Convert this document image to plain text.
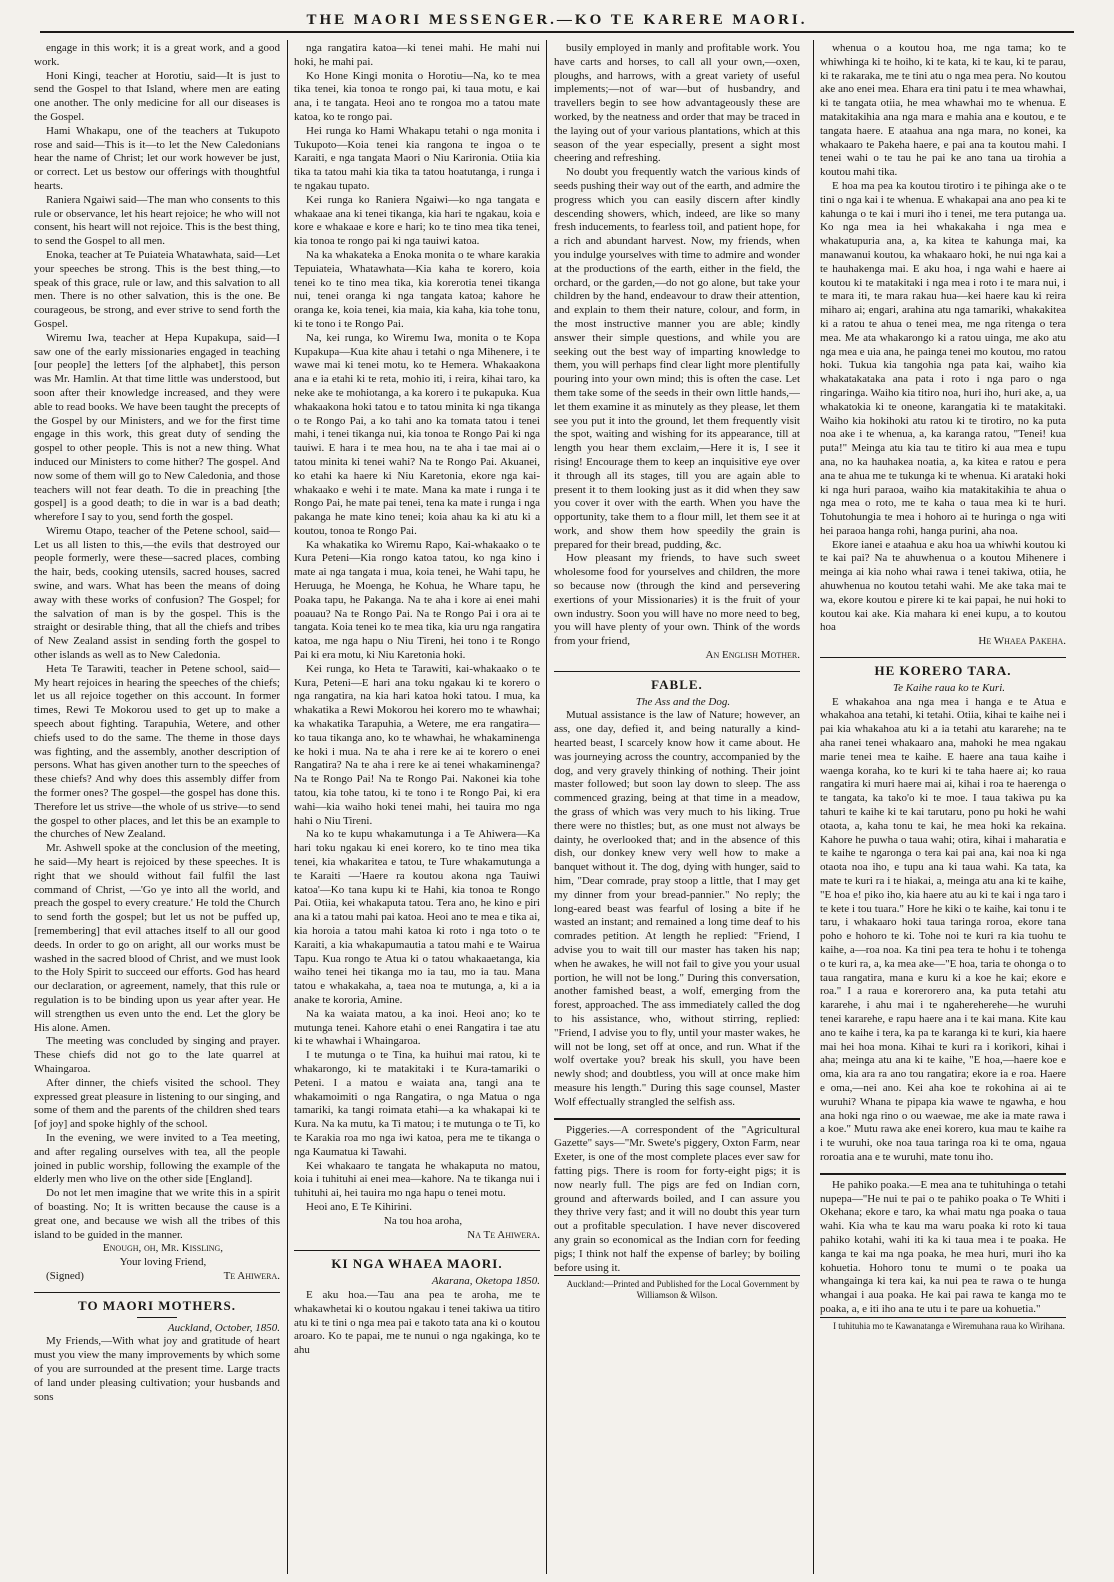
THE MAORI MESSENGER.—KO TE KARERE MAORI.

engage in this work; it is a great work, and a good work.

Honi Kingi, teacher at Horotiu, said—It is just to send the Gospel to that Island, where men are eating one another. The only medicine for all our diseases is the Gospel.

Hami Whakapu, one of the teachers at Tukupoto rose and said—This is it—to let the New Caledonians hear the name of Christ; let our work however be just, or correct. Let us bestow our offerings with thoughtful hearts.

Raniera Ngaiwi said—The man who consents to this rule or observance, let his heart rejoice; he who will not consent, his heart will not rejoice. This is the best thing, to send the Gospel to all men.

Enoka, teacher at Te Puiateia Whatawhata, said—Let your speeches be strong. This is the best thing,—to speak of this grace, rule or law, and this salvation to all men. There is no other salvation, this is the one. Be courageous, be strong, and ever strive to send forth the Gospel.

Wiremu Iwa, teacher at Hepa Kupakupa, said—I saw one of the early missionaries engaged in teaching [our people] the letters [of the alphabet], this person was Mr. Hamlin. At that time little was understood, but soon after their knowledge increased, and they were able to read books. We have been taught the precepts of the Gospel by our Ministers, and we for the first time engage in this work, this great duty of sending the gospel to other people. This is not a new thing. What induced our Ministers to come hither? The gospel. And now some of them will go to New Caledonia, and those teachers will not fear death. To die in preaching [the gospel] is a good death; to die in war is a bad death; wherefore I say to you, send forth the gospel.

Wiremu Otapo, teacher of the Petene school, said—Let us all listen to this,—the evils that destroyed our people formerly, were these—sacred places, combing the hair, beds, cooking utensils, sacred houses, sacred swine, and wars. What has been the means of doing away with these works of confusion? The Gospel; for the salvation of man is by the gospel. This is the straight or desirable thing, that all the chiefs and tribes of New Zealand assist in sending forth the gospel to other islands as well as to New Caledonia.

Heta Te Tarawiti, teacher in Petene school, said—My heart rejoices in hearing the speeches of the chiefs; let us all rejoice together on this account. In former times, Rewi Te Mokorou used to get up to make a speech about fighting. Tarapuhia, Wetere, and other chiefs used to do the same. The theme in those days was fighting, and the assembly, another description of persons. What has given another turn to the speeches of these chiefs? And why does this assembly differ from the former ones? The gospel—the gospel has done this. Therefore let us strive—the whole of us strive—to send the gospel to other places, and let this be an example to the churches of New Zealand.

Mr. Ashwell spoke at the conclusion of the meeting, he said—My heart is rejoiced by these speeches. It is right that we should without fail fulfil the last command of Christ, —'Go ye into all the world, and preach the gospel to every creature.' He told the Church to send forth the gospel; but let us not be puffed up, [remembering] that evil attaches itself to all our good deeds. In order to go on aright, all our works must be washed in the sacred blood of Christ, and we must look to the Holy Spirit to succeed our efforts. God has heard our declaration, or agreement, namely, that this rule or regulation is to be binding upon us year after year. He will strengthen us even unto the end. Let the glory be His alone. Amen.

The meeting was concluded by singing and prayer. These chiefs did not go to the late quarrel at Whaingaroa.

After dinner, the chiefs visited the school. They expressed great pleasure in listening to our singing, and some of them and the parents of the children shed tears [of joy] and spoke highly of the school.

In the evening, we were invited to a Tea meeting, and after regaling ourselves with tea, all the people joined in public worship, following the example of the elderly men who live on the other side [England].

Do not let men imagine that we write this in a spirit of boasting. No; It is written because the cause is a great one, and because we wish all the tribes of this island to be guided in the manner.

Enough, oh, Mr. Kissling,

Your loving Friend,

(Signed)	Te Ahiwera.

TO MAORI MOTHERS.

Auckland, October, 1850.

My Friends,—With what joy and gratitude of heart must you view the many improvements by which some of you are surrounded at the present time. Large tracts of land under pleasing cultivation; your husbands and sons

nga rangatira katoa—ki tenei mahi. He mahi nui hoki, he mahi pai.

Ko Hone Kingi monita o Horotiu—Na, ko te mea tika tenei, kia tonoa te rongo pai, ki taua motu, e kai ana, i te tangata. Heoi ano te rongoa mo a tatou mate katoa, ko te rongo pai.

Hei runga ko Hami Whakapu tetahi o nga monita i Tukupoto—Koia tenei kia rangona te ingoa o te Karaiti, e nga tangata Maori o Niu Karironia. Otiia kia tika ta tatou mahi kia tika ta tatou hoatutanga, i runga i te ngakau tupato.

Kei runga ko Raniera Ngaiwi—ko nga tangata e whakaae ana ki tenei tikanga, kia hari te ngakau, koia e kore e whakaae e kore e hari; ko te tino mea tika tenei, kia tonoa te rongo pai ki nga tauiwi katoa.

Na ka whakateka a Enoka monita o te whare karakia Tepuiateia, Whatawhata—Kia kaha te korero, koia tenei ko te tino mea tika, kia korerotia tenei tikanga nui, tenei oranga ki nga tangata katoa; kahore he oranga ke, koia tenei, kia maia, kia kaha, kia tohe tonu, ki te tono i te Rongo Pai.

Na, kei runga, ko Wiremu Iwa, monita o te Kopa Kupakupa—Kua kite ahau i tetahi o nga Mihenere, i te wawe mai ki tenei motu, ko te Hemera. Whakaakona ana e ia etahi ki te reta, mohio iti, i reira, kihai taro, ka neke ake te mohiotanga, a ka korero i te pukapuka. Kua whakaakona hoki tatou e to tatou minita ki nga tikanga o te Rongo Pai, a ko tahi ano ka tomata tatou i tenei mahi, i tenei tikanga nui, kia tonoa te Rongo Pai ki nga tauiwi. E hara i te mea hou, na te aha i tae mai ai o tatou minita ki tenei wahi? Na te Rongo Pai. Akuanei, ko etahi ka haere ki Niu Karetonia, ekore nga kai-whakaako e wehi i te mate. Mana ka mate i runga i te Rongo Pai, he mate pai tenei, tena ka mate i runga i nga pakanga he mate kino tenei; koia ahau ka ki atu ki a koutou, tonoa te Rongo Pai.

Ka whakatika ko Wiremu Rapo, Kai-whakaako o te Kura Peteni—Kia rongo katoa tatou, ko nga kino i mate ai nga tangata i mua, koia tenei, he Wahi tapu, he Heruuga, he Moenga, he Kohua, he Whare tapu, he Poaka tapu, he Pakanga. Na te aha i kore ai enei mahi poauau? Na te Rongo Pai. Na te Rongo Pai i ora ai te tangata. Koia tenei ko te mea tika, kia uru nga rangatira katoa, me nga hapu o Niu Tireni, hei tono i te Rongo Pai ki era motu, ki Niu Karetonia hoki.

Kei runga, ko Heta te Tarawiti, kai-whakaako o te Kura, Peteni—E hari ana toku ngakau ki te korero o nga rangatira, na kia hari katoa hoki tatou. I mua, ka whakatika a Rewi Mokorou hei korero mo te whawhai; ka whakatika Tarapuhia, a Wetere, me era rangatira—ko taua tikanga ano, ko te whawhai, he whakaminenga ke hoki i mua. Na te aha i rere ke ai te korero o enei Rangatira? Na te aha i rere ke ai tenei whakaminenga? Na te Rongo Pai! Na te Rongo Pai. Nakonei kia tohe tatou, kia tohe tatou, ki te tono i te Rongo Pai, ki era wahi—kia waiho hoki tenei mahi, hei tauira mo nga hahi o Niu Tireni.

Na ko te kupu whakamutunga i a Te Ahiwera—Ka hari toku ngakau ki enei korero, ko te tino mea tika tenei, kia whakaritea e tatou, te Ture whakamutunga a te Karaiti —'Haere ra koutou akona nga Tauiwi katoa'—Ko tana kupu ki te Hahi, kia tonoa te Rongo Pai. Otiia, kei whakaputa tatou. Tera ano, he kino e piri ana ki a tatou mahi pai katoa. Heoi ano te mea e tika ai, kia horoia a tatou mahi katoa ki roto i nga toto o te Karaiti, a kia whakapumautia a tatou mahi e te Wairua Tapu. Kua rongo te Atua ki o tatou whakaaetanga, kia waiho tenei hei tikanga mo ia tau, mo ia tau. Mana tatou e whakakaha, a, taea noa te mutunga, a, ki a ia anake te kororia, Amine.

Na ka waiata matou, a ka inoi. Heoi ano; ko te mutunga tenei. Kahore etahi o enei Rangatira i tae atu ki te whawhai i Whaingaroa.

I te mutunga o te Tina, ka huihui mai ratou, ki te whakarongo, ki te matakitaki i te Kura-tamariki o Peteni. I a matou e waiata ana, tangi ana te whakamoimiti o nga Rangatira, o nga Matua o nga tamariki, ka tangi roimata etahi—a ka whakapai ki te Kura. Na ka mutu, ka Ti matou; i te mutunga o te Ti, ko te Karakia roa mo nga iwi katoa, pera me te tikanga o nga Kaumatua ki Tawahi.

Kei whakaaro te tangata he whakaputa no matou, koia i tuhituhi ai enei mea—kahore. Na te tikanga nui i tuhituhi ai, hei tauira mo nga hapu o tenei motu.

Heoi ano, E Te Kihirini.

Na tou hoa aroha,

Na Te Ahiwera.

KI NGA WHAEA MAORI.

Akarana, Oketopa 1850.

E aku hoa.—Tau ana pea te aroha, me te whakawhetai ki o koutou ngakau i tenei takiwa ua titiro atu ki te tini o nga mea pai e takoto tata ana ki o koutou aroaro. Ko te papai, me te nunui o nga ngakinga, ko te ahu

busily employed in manly and profitable work. You have carts and horses, to call all your own,—oxen, ploughs, and harrows, with a great variety of useful implements;—not of war—but of husbandry, and travellers begin to see how advantageously these are worked, by the neatness and order that may be traced in the laying out of your various plantations, which at this season of the year especially, present a sight most cheering and refreshing.

No doubt you frequently watch the various kinds of seeds pushing their way out of the earth, and admire the progress which you can easily discern after kindly descending showers, which, indeed, are like so many fresh inducements, to fearless toil, and patient hope, for a rich and abundant harvest. Now, my friends, when you indulge yourselves with time to admire and wonder at the productions of the earth, either in the field, the orchard, or the garden,—do not go alone, but take your children by the hand, endeavour to draw their attention, and explain to them their nature, colour, and form, in the most instructive manner you are able; kindly answer their simple questions, and while you are seeking out the best way of imparting knowledge to them, you will perhaps find clear light more plentifully pouring into your own mind; this is often the case. Let them take some of the seeds in their own little hands,—let them examine it as minutely as they please, let them see you put it into the ground, let them frequently visit the spot, waiting and wishing for its appearance, till at length you hear them exclaim,—Here it is, I see it rising! Encourage them to keep an inquisitive eye over it through all its stages, till you are again able to present it to them looking just as it did when they saw you cover it over with the earth. When you have the opportunity, take them to a flour mill, let them see it at work, and show them how speedily the grain is prepared for their bread, pudding, &c.

How pleasant my friends, to have such sweet wholesome food for yourselves and children, the more so because now (through the kind and persevering exertions of your Missionaries) it is the fruit of your own industry. Soon you will have no more need to beg, you will have plenty of your own. Think of the words from your friend,

An English Mother.

FABLE.

The Ass and the Dog.

Mutual assistance is the law of Nature; however, an ass, one day, defied it, and being naturally a kind-hearted beast, I scarcely know how it came about. He was journeying across the country, accompanied by the dog, and very gravely thinking of nothing. Their joint master followed; but soon lay down to sleep. The ass commenced grazing, being at that time in a meadow, the grass of which was very much to his liking. True there were no thistles; but, as one must not always be dainty, he overlooked that; and in the absence of this dish, our donkey knew very well how to make a banquet without it. The dog, dying with hunger, said to him, "Dear comrade, pray stoop a little, that I may get my dinner from your bread-pannier." No reply; the long-eared beast was fearful of losing a bite if he wasted an instant; and remained a long time deaf to his comrades petition. At length he replied: "Friend, I advise you to wait till our master has taken his nap; when he awakes, he will not fail to give you your usual portion, he will not be long." During this conversation, another famished beast, a wolf, emerging from the forest, approached. The ass immediately called the dog to his assistance, who, without stirring, replied: "Friend, I advise you to fly, until your master wakes, he will not be long, set off at once, and run. What if the wolf overtake you? break his skull, you have been newly shod; and doubtless, you will at once make him measure his length." During this sage counsel, Master Wolf effectually strangled the selfish ass.

Piggeries.—A correspondent of the "Agricultural Gazette" says—"Mr. Swete's piggery, Oxton Farm, near Exeter, is one of the most complete places ever saw for fatting pigs. There is room for forty-eight pigs; it is now nearly full. The pigs are fed on Indian corn, ground and afterwards boiled, and I can assure you they thrive very fast; and it will no doubt this year turn out a profitable speculation. I have never discovered any grain so economical as the Indian corn for feeding pigs; I think not half the expense of barley; by boiling before using it.

Auckland:—Printed and Published for the Local Government by Williamson & Wilson.

whenua o a koutou hoa, me nga tama; ko te whiwhinga ki te hoiho, ki te kata, ki te kau, ki te parau, ki te rakaraka, me te tini atu o nga mea pera. No koutou ake ano enei mea. Ehara era tini patu i te mea whawhai, ki te tangata otiia, he mea whawhai mo te whenua. E matakitakihia ana nga mara e mahia ana e koutou, e te tangata haere. E ataahua ana nga mara, no konei, ka whakaaro te Pakeha haere, e pai ana ta koutou mahi. I tenei wahi o te tau he pai ke ano tana ua tirohia a koutou mahi tika.

E hoa ma pea ka koutou tirotiro i te pihinga ake o te tini o nga kai i te whenua. E whakapai ana ano pea ki te kahunga o te kai i muri iho i tenei, me tera putanga ua. Ko nga mea ia hei whakakaha i nga mea e whakatupuria ana, a, ka kitea te kahunga mai, ka manawanui koutou, ka whakaaro hoki, he nui nga kai a te hauhakenga mai. E aku hoa, i nga wahi e haere ai koutou ki te matakitaki i nga mea i roto i te mara nui, i te mara iti, te mara rakau hua—kei haere kau ki reira miharo ai; engari, arahina atu nga tamariki, whakakitea ki a ratou te ahua o tenei mea, me nga ritenga o tera mea. Me ata whakarongo ki a ratou uinga, me ako atu nga mea e uia ana, he painga tenei mo koutou, mo ratou hoki. Tukua kia tangohia nga pata kai, waiho kia whakatakataka ana pata i roto i nga paro o nga ringaringa. Waiho kia titiro noa, huri iho, huri ake, a, ua whakatokia ki te oneone, karangatia ki te matakitaki. Waiho kia hokihoki atu ratou ki te tirotiro, no ka puta noa ake i te whenua, a, ka karanga ratou, "Tenei! kua puta!" Meinga atu kia tau te titiro ki aua mea e tupu ana, no ka hauhakea noatia, a, ka kitea e ratou e pera ana te ahua me te tukunga ki te whenua. Ki arataki hoki ki nga huri paraoa, waiho kia matakitakihia te ahua o nga mea o roto, me te kaha o taua mea ki te huri. Tohutohungia te mea i hohoro ai te huringa o nga witi hei paraoa hanga rohi, hanga purini, aha noa.

Ekore ianei e ataahua e aku hoa ua whiwhi koutou ki te kai pai? Na te ahuwhenua o a koutou Mihenere i meinga ai kia noho whai rawa i tenei takiwa, otiia, he ahuwhenua no koutou tetahi wahi. Me ake taka mai te wa, ekore koutou e pirere ki te kai papai, he nui hoki to koutou kai ake. Kia mahara ki enei kupu, a to koutou hoa

He Whaea Pakeha.

HE KORERO TARA.

Te Kaihe raua ko te Kuri.

E whakahoa ana nga mea i hanga e te Atua e whakahoa ana tetahi, ki tetahi. Otiia, kihai te kaihe nei i pai kia whakahoa atu ki a ia tetahi atu kararehe; na te aha ranei tenei whakaaro ana, mahoki he mea ngakau marie tenei mea te kaihe. E haere ana taua kaihe i waenga koraha, ko te kuri ki te taha haere ai; ko raua rangatira ki muri haere mai ai, kihai i roa te haerenga o te tangata, ka tako'o ki te moe. I taua takiwa pu ka tahuri te kaihe ki te kai tarutaru, pono pu hoki he wahi otaota, a, kaha tonu te kai, he mea hoki ka rekaina. Kahore he puwha o taua wahi; otira, kihai i maharatia e te kaihe te ngaronga o tera kai pai ana, kai noa ki nga otaota noa iho, e tupu ana ki taua wahi. Ka tata, ka mate te kuri ra i te hiakai, a, meinga atu ana ki te kaihe, "E hoa e! piko iho, kia haere atu au ki te kai i nga taro i te kete i tou tuara." Hore he kiki o te kaihe, kai tonu i te taru, i whakaaro hoki taua taringa roroa, ekore tana poho e hohoro te ki. Tohe noi te kuri ra kia tuohu te kaihe, a—roa noa. Ka tini pea tera te hohu i te tohenga o te kuri ra, a, ka mea ake—"E hoa, taria te ohonga o to taua rangatira, mana e kuru ki a koe he kai; ekore e roa." I a raua e korerorero ana, ka puta tetahi atu kararehe, i ahu mai i te ngahereherehe—he wuruhi tenei kararehe, e rapu haere ana i te kai mana. Kite kau ano te kaihe i tera, ka pa te karanga ki te kuri, kia haere mai hei hoa mona. Kihai te kuri ra i korikori, kihai i aha; meinga atu ana ki te kaihe, "E hoa,—haere koe e oma, kia ara ra ano tou rangatira; ekore ia e roa. Haere e oma,—nei ano. Kei aha koe te rokohina ai ai te wuruhi? Whana te pipapa kia wawe te ngawha, e hou ana hoki nga rino o ou waewae, me ake ia mate rawa i a koe." Mutu rawa ake enei korero, kua mau te kaihe ra i te wuruhi, oke noa taua taringa roa ki te oma, ngaua roroatia ana e te wuruhi, mate tonu iho.

He pahiko poaka.—E mea ana te tuhituhinga o tetahi nupepa—"He nui te pai o te pahiko poaka o Te Whiti i Okehana; ekore e taro, ka whai matu nga poaka o taua wahi. Kia wha te kau ma waru poaka ki roto ki taua pahiko kotahi, wahi iti ka ki taua mea i te poaka. He kanga te kai ma nga poaka, he mea huri, muri iho ka kohuetia. Hohoro tonu te mumi o te poaka ua whangainga ki tera kai, ka nui pea te rawa o te hunga whangai i aua poaka. He kai pai rawa te kanga mo te poaka, a, e iti iho ana te utu i te pare ua kohuetia."

I tuhituhia mo te Kawanatanga e Wiremuhana raua ko Wirihana.
